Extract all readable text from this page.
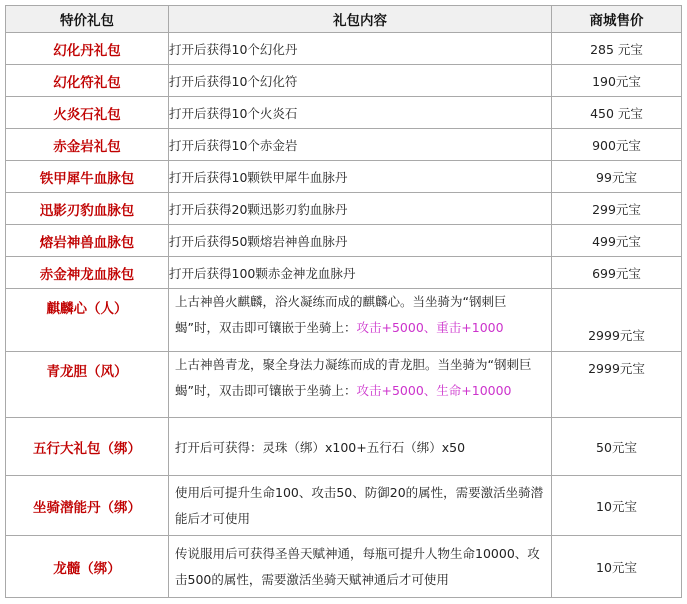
特价礼包	礼包内容	商城售价
幻化丹礼包	打开后获得10个幻化丹	285 元宝
幻化符礼包	打开后获得10个幻化符	190元宝
火炎石礼包	打开后获得10个火炎石	450 元宝
赤金岩礼包	打开后获得10个赤金岩	900元宝
铁甲犀牛血脉包	打开后获得10颗铁甲犀牛血脉丹	99元宝
迅影刃豹血脉包	打开后获得20颗迅影刃豹血脉丹	299元宝
熔岩神兽血脉包	打开后获得50颗熔岩神兽血脉丹	499元宝
赤金神龙血脉包	打开后获得100颗赤金神龙血脉丹	699元宝
麒麟心（人）	上古神兽火麒麟，浴火凝练而成的麒麟心。当坐骑为“钢刺巨蝎”时，双击即可镶嵌于坐骑上：攻击+5000、重击+1000	2999元宝
青龙胆（风）	上古神兽青龙，聚全身法力凝练而成的青龙胆。当坐骑为“钢刺巨蝎”时，双击即可镶嵌于坐骑上：攻击+5000、生命+10000	2999元宝
五行大礼包（绑）	打开后可获得：灵珠（绑）x100+五行石（绑）x50	50元宝
坐骑潜能丹（绑）	使用后可提升生命100、攻击50、防御20的属性，需要激活坐骑潜能后才可使用	10元宝
龙髓（绑）	传说服用后可获得圣兽天赋神通，每瓶可提升人物生命10000、攻击500的属性，需要激活坐骑天赋神通后才可使用	10元宝
